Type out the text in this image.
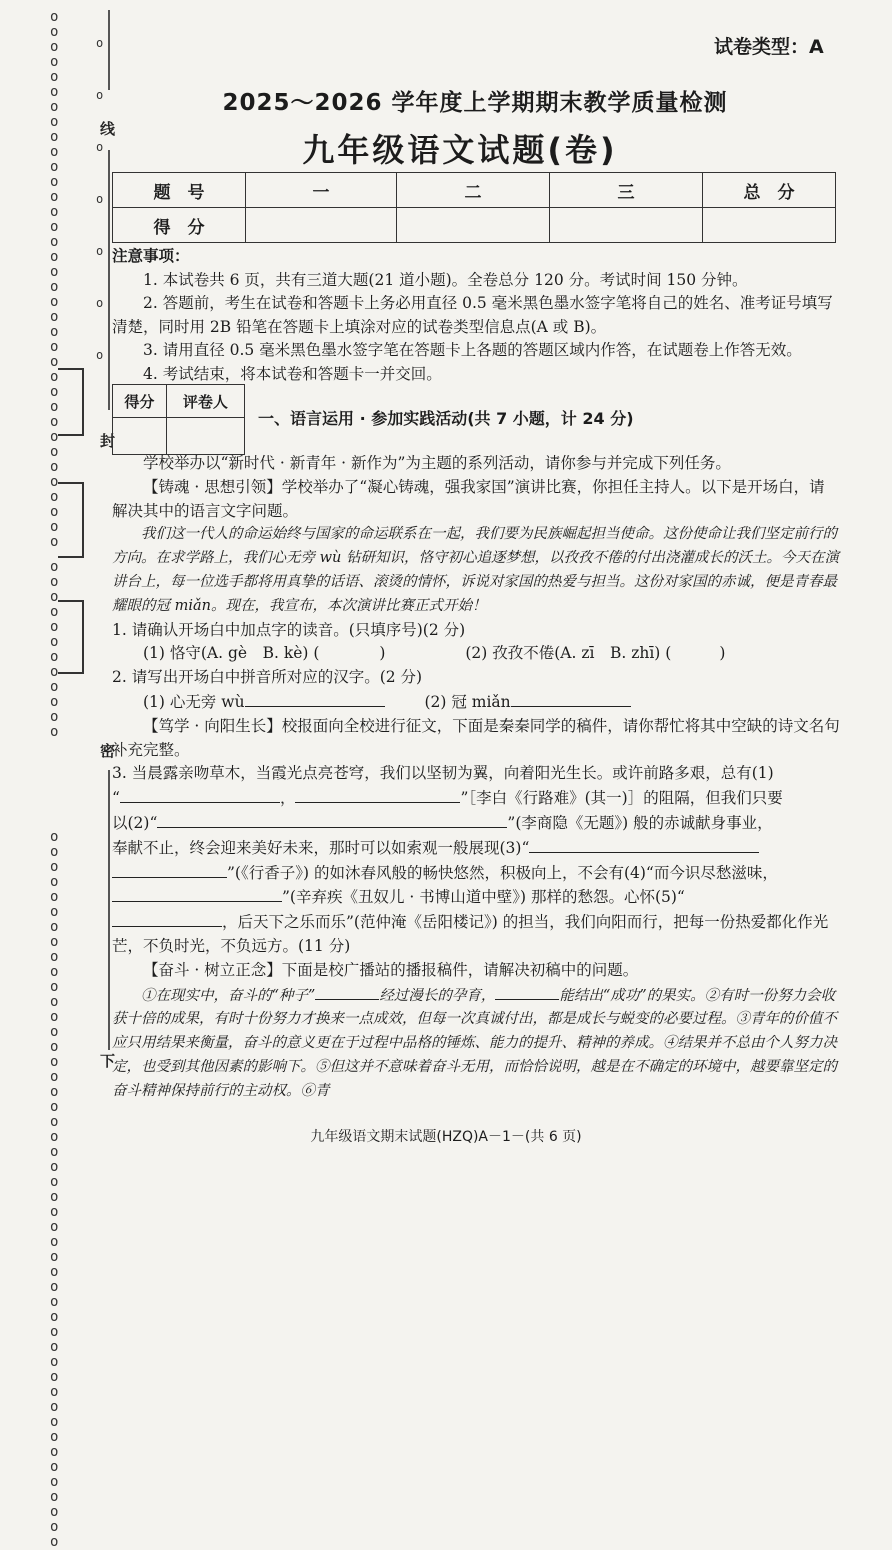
oooooooooooooooooooooooooooooooooooo
o

o

o

o

o

o

o
线
封
oooooooooooo
密
oooooooooooooooooooooooooooooooooooooooooooooooo
下
试卷类型：A
2025～2026 学年度上学期期末教学质量检测
九年级语文试题(卷)
题　号	一	二	三	总　分
得　分				

注意事项：

1. 本试卷共 6 页，共有三道大题(21 道小题)。全卷总分 120 分。考试时间 150 分钟。

2. 答题前，考生在试卷和答题卡上务必用直径 0.5 毫米黑色墨水签字笔将自己的姓名、准考证号填写清楚，同时用 2B 铅笔在答题卡上填涂对应的试卷类型信息点(A 或 B)。

3. 请用直径 0.5 毫米黑色墨水签字笔在答题卡上各题的答题区域内作答，在试题卷上作答无效。

4. 考试结束，将本试卷和答题卡一并交回。

得分	评卷人

一、语言运用 · 参加实践活动(共 7 小题，计 24 分)

学校举办以“新时代 · 新青年 · 新作为”为主题的系列活动，请你参与并完成下列任务。

【铸魂 · 思想引领】学校举办了“凝心铸魂，强我家国”演讲比赛，你担任主持人。以下是开场白，请解决其中的语言文字问题。

我们这一代人的命运始终与国家的命运联系在一起，我们要为民族崛起担当使命。这份使命让我们坚定前行的方向。在求学路上，我们心无旁 wù 钻研知识，恪守初心追逐梦想，以孜孜不倦的付出浇灌成长的沃土。今天在演讲台上，每一位选手都将用真挚的话语、滚烫的情怀，诉说对家国的热爱与担当。这份对家国的赤诚，便是青春最耀眼的冠 miǎn。现在，我宣布，本次演讲比赛正式开始！

1. 请确认开场白中加点字的读音。(只填序号)(2 分)

(1) 恪守(A. gè　B. kè) (	)	(2) 孜孜不倦(A. zī　B. zhī) (	)

2. 请写出开场白中拼音所对应的汉字。(2 分)

(1) 心无旁 wù	(2) 冠 miǎn

【笃学 · 向阳生长】校报面向全校进行征文，下面是秦秦同学的稿件，请你帮忙将其中空缺的诗文名句补充完整。

3. 当晨露亲吻草木，当霞光点亮苍穹，我们以坚韧为翼，向着阳光生长。或许前路多艰，总有(1)

“	，	”［李白《行路难》(其一)］的阻隔，但我们只要

以(2)“	”(李商隐《无题》) 般的赤诚献身事业，

奉献不止，终会迎来美好未来，那时可以如索观一般展现(3)“

”(《行香子》) 的如沐春风般的畅快悠然，积极向上，不会有(4)“而今识尽愁滋味，

”(辛弃疾《丑奴儿 · 书博山道中壁》) 那样的愁怨。心怀(5)“

，后天下之乐而乐”(范仲淹《岳阳楼记》) 的担当，我们向阳而行，把每一份热爱都化作光芒，不负时光，不负远方。(11 分)

【奋斗 · 树立正念】下面是校广播站的播报稿件，请解决初稿中的问题。

①在现实中，奋斗的“种子”	经过漫长的孕育，	能结出“成功”的果实。②有时一份努力会收获十倍的成果，有时十份努力才换来一点成效，但每一次真诚付出，都是成长与蜕变的必要过程。③青年的价值不应只用结果来衡量，奋斗的意义更在于过程中品格的锤炼、能力的提升、精神的养成。④结果并不总由个人努力决定，也受到其他因素的影响下。⑤但这并不意味着奋斗无用，而恰恰说明，越是在不确定的环境中，越要靠坚定的奋斗精神保持前行的主动权。⑥青

九年级语文期末试题(HZQ)A－1－(共 6 页)
